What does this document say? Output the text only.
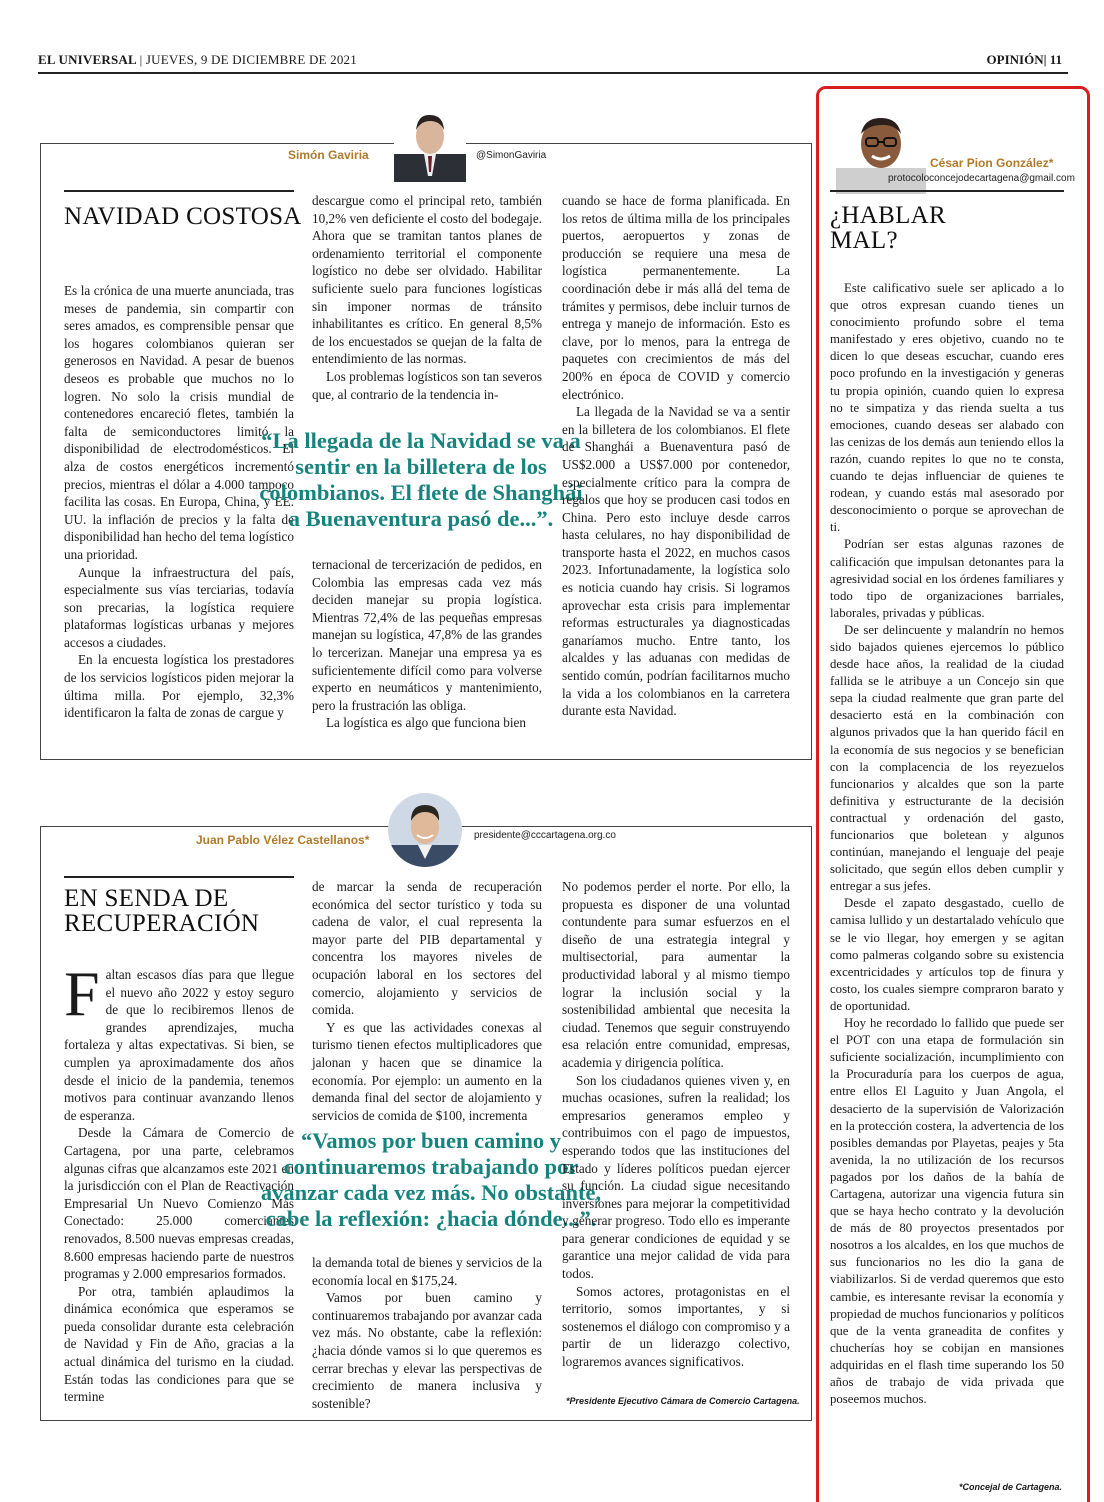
EL UNIVERSAL | JUEVES, 9 DE DICIEMBRE DE 2021	OPINIÓN| 11
Simón Gaviria	@SimonGaviria
NAVIDAD COSTOSA

Es la crónica de una muerte anunciada, tras meses de pandemia, sin compartir con seres amados, es comprensible pensar que los hogares colombianos quieran ser generosos en Navidad. A pesar de buenos deseos es probable que muchos no lo logren. No solo la crisis mundial de contenedores encareció fletes, también la falta de semiconductores limitó la disponibilidad de electrodomésticos. El alza de costos energéticos incrementó precios, mientras el dólar a 4.000 tampoco facilita las cosas. En Europa, China, y EE. UU. la inflación de precios y la falta de disponibilidad han hecho del tema logístico una prioridad.

Aunque la infraestructura del país, especialmente sus vías terciarias, todavía son precarias, la logística requiere plataformas logísticas urbanas y mejores accesos a ciudades.

En la encuesta logística los prestadores de los servicios logísticos piden mejorar la última milla. Por ejemplo, 32,3% identificaron la falta de zonas de cargue y

descargue como el principal reto, también 10,2% ven deficiente el costo del bodegaje. Ahora que se tramitan tantos planes de ordenamiento territorial el componente logístico no debe ser olvidado. Habilitar suficiente suelo para funciones logísticas sin imponer normas de tránsito inhabilitantes es crítico. En general 8,5% de los encuestados se quejan de la falta de entendimiento de las normas.

Los problemas logísticos son tan severos que, al contrario de la tendencia in-

“La llegada de la Navidad se va a sentir en la billetera de los colombianos. El flete de Shanghái a Buenaventura pasó de...”.

ternacional de tercerización de pedidos, en Colombia las empresas cada vez más deciden manejar su propia logística. Mientras 72,4% de las pequeñas empresas manejan su logística, 47,8% de las grandes lo tercerizan. Manejar una empresa ya es suficientemente difícil como para volverse experto en neumáticos y mantenimiento, pero la frustración las obliga.

La logística es algo que funciona bien

cuando se hace de forma planificada. En los retos de última milla de los principales puertos, aeropuertos y zonas de producción se requiere una mesa de logística permanentemente. La coordinación debe ir más allá del tema de trámites y permisos, debe incluir turnos de entrega y manejo de información. Esto es clave, por lo menos, para la entrega de paquetes con crecimientos de más del 200% en época de COVID y comercio electrónico.

La llegada de la Navidad se va a sentir en la billetera de los colombianos. El flete de Shanghái a Buenaventura pasó de US$2.000 a US$7.000 por contenedor, especialmente crítico para la compra de regalos que hoy se producen casi todos en China. Pero esto incluye desde carros hasta celulares, no hay disponibilidad de transporte hasta el 2022, en muchos casos 2023. Infortunadamente, la logística solo es noticia cuando hay crisis. Si logramos aprovechar esta crisis para implementar reformas estructurales ya diagnosticadas ganaríamos mucho. Entre tanto, los alcaldes y las aduanas con medidas de sentido común, podrían facilitarnos mucho la vida a los colombianos en la carretera durante esta Navidad.

Juan Pablo Vélez Castellanos*	presidente@cccartagena.org.co
EN SENDA DE
RECUPERACIÓN

Faltan escasos días para que llegue el nuevo año 2022 y estoy seguro de que lo recibiremos llenos de grandes aprendizajes, mucha fortaleza y altas expectativas. Si bien, se cumplen ya aproximadamente dos años desde el inicio de la pandemia, tenemos motivos para continuar avanzando llenos de esperanza.

Desde la Cámara de Comercio de Cartagena, por una parte, celebramos algunas cifras que alcanzamos este 2021 en la jurisdicción con el Plan de Reactivación Empresarial Un Nuevo Comienzo Más Conectado: 25.000 comerciantes renovados, 8.500 nuevas empresas creadas, 8.600 empresas haciendo parte de nuestros programas y 2.000 empresarios formados.

Por otra, también aplaudimos la dinámica económica que esperamos se pueda consolidar durante esta celebración de Navidad y Fin de Año, gracias a la actual dinámica del turismo en la ciudad. Están todas las condiciones para que se termine

de marcar la senda de recuperación económica del sector turístico y toda su cadena de valor, el cual representa la mayor parte del PIB departamental y concentra los mayores niveles de ocupación laboral en los sectores del comercio, alojamiento y servicios de comida.

Y es que las actividades conexas al turismo tienen efectos multiplicadores que jalonan y hacen que se dinamice la economía. Por ejemplo: un aumento en la demanda final del sector de alojamiento y servicios de comida de $100, incrementa

“Vamos por buen camino y continuaremos trabajando por avanzar cada vez más. No obstante, cabe la reflexión: ¿hacia dónde...”.

la demanda total de bienes y servicios de la economía local en $175,24.

Vamos por buen camino y continuaremos trabajando por avanzar cada vez más. No obstante, cabe la reflexión: ¿hacia dónde vamos si lo que queremos es cerrar brechas y elevar las perspectivas de crecimiento de manera inclusiva y sostenible?

No podemos perder el norte. Por ello, la propuesta es disponer de una voluntad contundente para sumar esfuerzos en el diseño de una estrategia integral y multisectorial, para aumentar la productividad laboral y al mismo tiempo lograr la inclusión social y la sostenibilidad ambiental que necesita la ciudad. Tenemos que seguir construyendo esa relación entre comunidad, empresas, academia y dirigencia política.

Son los ciudadanos quienes viven y, en muchas ocasiones, sufren la realidad; los empresarios generamos empleo y contribuimos con el pago de impuestos, esperando todos que las instituciones del Estado y líderes políticos puedan ejercer su función. La ciudad sigue necesitando inversiones para mejorar la competitividad y generar progreso. Todo ello es imperante para generar condiciones de equidad y se garantice una mejor calidad de vida para todos.

Somos actores, protagonistas en el territorio, somos importantes, y si sostenemos el diálogo con compromiso y a partir de un liderazgo colectivo, lograremos avances significativos.

*Presidente Ejecutivo Cámara de Comercio Cartagena.
César Pion González*
protocoloconcejodecartagena@gmail.com
¿HABLAR
MAL?

Este calificativo suele ser aplicado a lo que otros expresan cuando tienes un conocimiento profundo sobre el tema manifestado y eres objetivo, cuando no te dicen lo que deseas escuchar, cuando eres poco profundo en la investigación y generas tu propia opinión, cuando quien lo expresa no te simpatiza y das rienda suelta a tus emociones, cuando deseas ser alabado con las cenizas de los demás aun teniendo ellos la razón, cuando repites lo que no te consta, cuando te dejas influenciar de quienes te rodean, y cuando estás mal asesorado por desconocimiento o porque se aprovechan de ti.

Podrían ser estas algunas razones de calificación que impulsan detonantes para la agresividad social en los órdenes familiares y todo tipo de organizaciones barriales, laborales, privadas y públicas.

De ser delincuente y malandrín no hemos sido bajados quienes ejercemos lo público desde hace años, la realidad de la ciudad fallida se le atribuye a un Concejo sin que sepa la ciudad realmente que gran parte del desacierto está en la combinación con algunos privados que la han querido fácil en la economía de sus negocios y se benefician con la complacencia de los reyezuelos funcionarios y alcaldes que son la parte definitiva y estructurante de la decisión contractual y ordenación del gasto, funcionarios que boletean y algunos continúan, manejando el lenguaje del peaje solicitado, que según ellos deben cumplir y entregar a sus jefes.

Desde el zapato desgastado, cuello de camisa lullido y un destartalado vehículo que se le vio llegar, hoy emergen y se agitan como palmeras colgando sobre su existencia excentricidades y artículos top de finura y costo, los cuales siempre compraron barato y de oportunidad.

Hoy he recordado lo fallido que puede ser el POT con una etapa de formulación sin suficiente socialización, incumplimiento con la Procuraduría para los cuerpos de agua, entre ellos El Laguito y Juan Angola, el desacierto de la supervisión de Valorización en la protección costera, la advertencia de los posibles demandas por Playetas, peajes y 5ta avenida, la no utilización de los recursos pagados por los daños de la bahía de Cartagena, autorizar una vigencia futura sin que se haya hecho contrato y la devolución de más de 80 proyectos presentados por nosotros a los alcaldes, en los que muchos de sus funcionarios no les dio la gana de viabilizarlos. Si de verdad queremos que esto cambie, es interesante revisar la economía y propiedad de muchos funcionarios y políticos que de la venta graneadita de confites y chucherías hoy se cobijan en mansiones adquiridas en el flash time superando los 50 años de trabajo de vida privada que poseemos muchos.

*Concejal de Cartagena.
